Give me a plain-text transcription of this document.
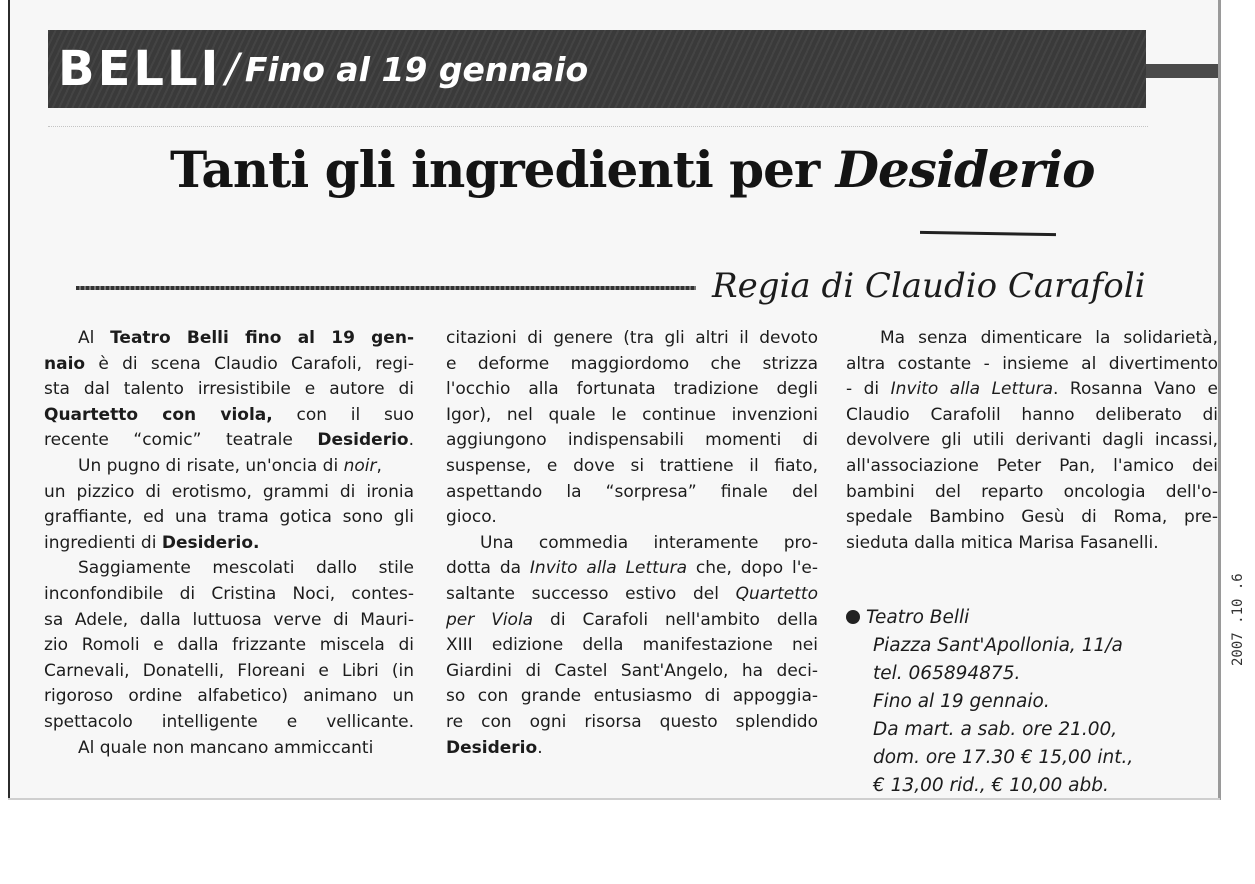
BELLI / Fino al 19 gennaio
Tanti gli ingredienti per Desiderio
Regia di Claudio Carafoli
Al Teatro Belli fino al 19 gen-
naio è di scena Claudio Carafoli, regi-
sta dal talento irresistibile e autore di
Quartetto con viola, con il suo
recente “comic” teatrale Desiderio.
Un pugno di risate, un'oncia di noir,
un pizzico di erotismo, grammi di ironia
graffiante, ed una trama gotica sono gli
ingredienti di Desiderio.
Saggiamente mescolati dallo stile
inconfondibile di Cristina Noci, contes-
sa Adele, dalla luttuosa verve di Mauri-
zio Romoli e dalla frizzante miscela di
Carnevali, Donatelli, Floreani e Libri (in
rigoroso ordine alfabetico) animano un
spettacolo intelligente e vellicante.
Al quale non mancano ammiccanti
citazioni di genere (tra gli altri il devoto
e deforme maggiordomo che strizza
l'occhio alla fortunata tradizione degli
Igor), nel quale le continue invenzioni
aggiungono indispensabili momenti di
suspense, e dove si trattiene il fiato,
aspettando la “sorpresa” finale del
gioco.
Una commedia interamente pro-
dotta da Invito alla Lettura che, dopo l'e-
saltante successo estivo del Quartetto
per Viola di Carafoli nell'ambito della
XIII edizione della manifestazione nei
Giardini di Castel Sant'Angelo, ha deci-
so con grande entusiasmo di appoggia-
re con ogni risorsa questo splendido
Desiderio.
Ma senza dimenticare la solidarietà,
altra costante - insieme al divertimento
- di Invito alla Lettura. Rosanna Vano e
Claudio Carafolil hanno deliberato di
devolvere gli utili derivanti dagli incassi,
all'associazione Peter Pan, l'amico dei
bambini del reparto oncologia dell'o-
spedale Bambino Gesù di Roma, pre-
sieduta dalla mitica Marisa Fasanelli.
Teatro Belli
Piazza Sant'Apollonia, 11/a
tel. 065894875.
Fino al 19 gennaio.
Da mart. a sab. ore 21.00,
dom. ore 17.30 € 15,00 int.,
€ 13,00 rid., € 10,00 abb.
2007 .10 .6
